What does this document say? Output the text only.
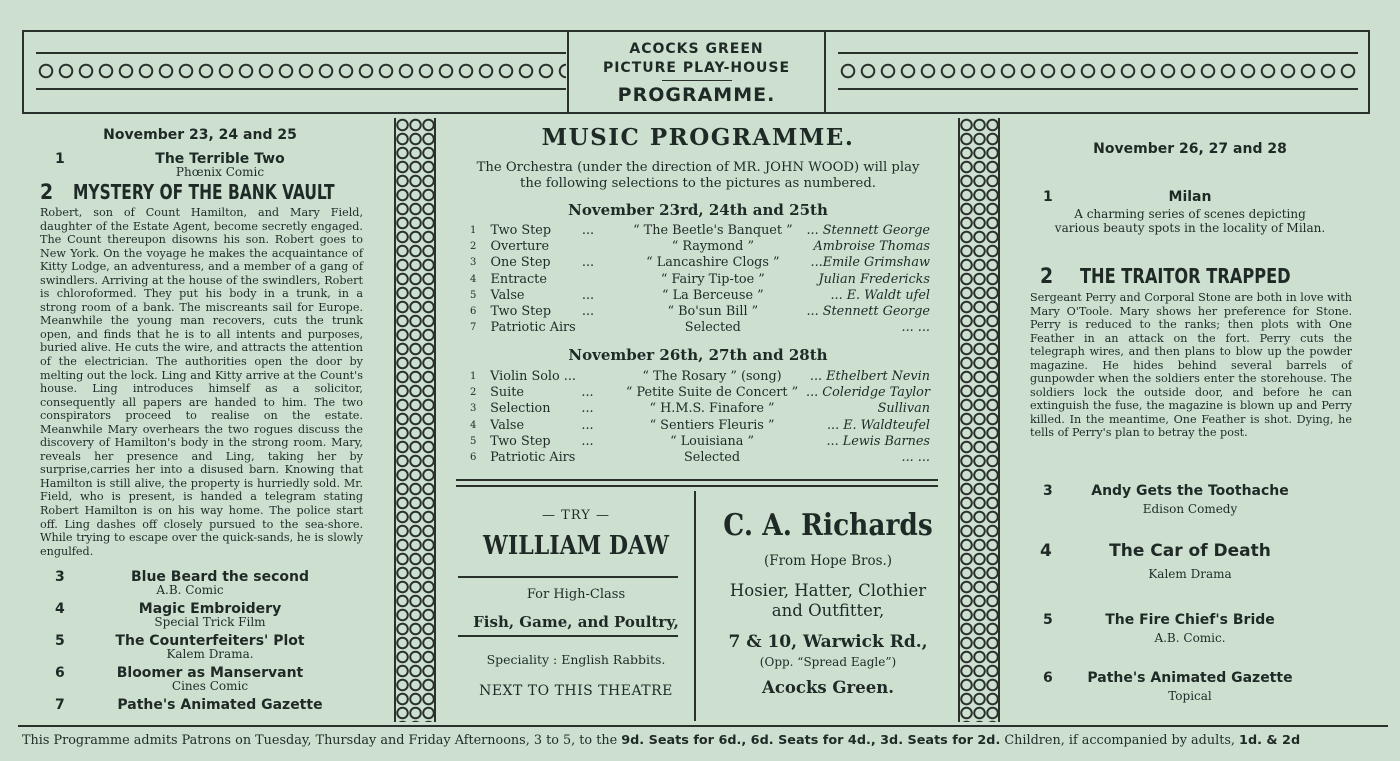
ACOCKS GREEN
PICTURE PLAY-HOUSE
PROGRAMME.
November 23, 24 and 25
1	The Terrible Two
Phœnix Comic
2 MYSTERY OF THE BANK VAULT
Robert, son of Count Hamilton, and Mary Field, daughter of the Estate Agent, become secretly engaged. The Count thereupon disowns his son. Robert goes to New York. On the voyage he makes the acquaintance of Kitty Lodge, an adventuress, and a member of a gang of swindlers. Arriving at the house of the swindlers, Robert is chloroformed. They put his body in a trunk, in a strong room of a bank. The miscreants sail for Europe. Meanwhile the young man recovers, cuts the trunk open, and finds that he is to all intents and purposes, buried alive. He cuts the wire, and attracts the attention of the electrician. The authorities open the door by melting out the lock. Ling and Kitty arrive at the Count's house. Ling introduces himself as a solicitor, consequently all papers are handed to him. The two conspirators proceed to realise on the estate. Meanwhile Mary overhears the two rogues discuss the discovery of Hamilton's body in the strong room. Mary, reveals her presence and Ling, taking her by surprise,carries her into a disused barn. Knowing that Hamilton is still alive, the property is hurriedly sold. Mr. Field, who is present, is handed a telegram stating Robert Hamilton is on his way home. The police start off. Ling dashes off closely pursued to the sea-shore. While trying to escape over the quick-sands, he is slowly engulfed.
3	Blue Beard the second
A.B. Comic
4	Magic Embroidery
Special Trick Film
5	The Counterfeiters' Plot
Kalem Drama.
6	Bloomer as Manservant
Cines Comic
7	Pathe's Animated Gazette
MUSIC PROGRAMME.
The Orchestra (under the direction of MR. JOHN WOOD) will play
the following selections to the pictures as numbered.
November 23rd, 24th and 25th
1	Two Step	...	“ The Beetle's Banquet ”	... Stennett George
2	Overture		“ Raymond ”	Ambroise Thomas
3	One Step	...	“ Lancashire Clogs ”	...Emile Grimshaw
4	Entracte		“ Fairy Tip-toe ”	Julian Fredericks
5	Valse	...	“ La Berceuse ”	... E. Waldt ufel
6	Two Step	...	“ Bo'sun Bill ”	... Stennett George
7	Patriotic Airs		Selected	... ...
November 26th, 27th and 28th
1	Violin Solo ...		“ The Rosary ” (song)	... Ethelbert Nevin
2	Suite	...	“ Petite Suite de Concert ”	... Coleridge Taylor
3	Selection	...	“ H.M.S. Finafore ”	Sullivan
4	Valse	...	“ Sentiers Fleuris ”	... E. Waldteufel
5	Two Step	...	“ Louisiana ”	... Lewis Barnes
6	Patriotic Airs		Selected	... ...
— TRY —
WILLIAM DAW
For High-Class
Fish, Game, and Poultry,
Speciality : English Rabbits.
NEXT TO THIS THEATRE
C. A. Richards
(From Hope Bros.)
Hosier, Hatter, Clothier
and Outfitter,
7 & 10, Warwick Rd.,
(Opp. “Spread Eagle”)
Acocks Green.
November 26, 27 and 28
1	Milan
A charming series of scenes depicting
various beauty spots in the locality of Milan.
2 THE TRAITOR TRAPPED
Sergeant Perry and Corporal Stone are both in love with Mary O'Toole. Mary shows her preference for Stone. Perry is reduced to the ranks; then plots with One Feather in an attack on the fort. Perry cuts the telegraph wires, and then plans to blow up the powder magazine. He hides behind several barrels of gunpowder when the soldiers enter the storehouse. The soldiers lock the outside door, and before he can extinguish the fuse, the magazine is blown up and Perry killed. In the meantime, One Feather is shot. Dying, he tells of Perry's plan to betray the post.
3	Andy Gets the Toothache
Edison Comedy
4	The Car of Death
Kalem Drama
5	The Fire Chief's Bride
A.B. Comic.
6	Pathe's Animated Gazette
Topical
This Programme admits Patrons on Tuesday, Thursday and Friday Afternoons, 3 to 5, to the 9d. Seats for 6d., 6d. Seats for 4d., 3d. Seats for 2d. Children, if accompanied by adults, 1d. & 2d
